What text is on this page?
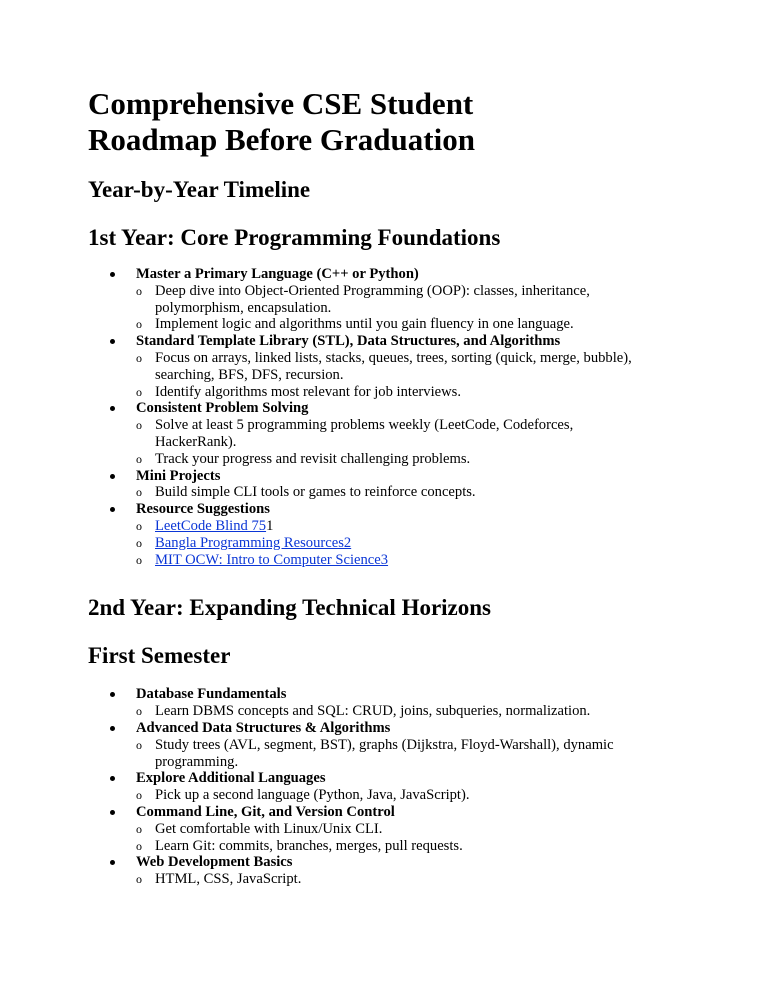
Comprehensive CSE Student Roadmap Before Graduation
Year-by-Year Timeline
1st Year: Core Programming Foundations
Master a Primary Language (C++ or Python)
o Deep dive into Object-Oriented Programming (OOP): classes, inheritance, polymorphism, encapsulation.
o Implement logic and algorithms until you gain fluency in one language.
Standard Template Library (STL), Data Structures, and Algorithms
o Focus on arrays, linked lists, stacks, queues, trees, sorting (quick, merge, bubble), searching, BFS, DFS, recursion.
o Identify algorithms most relevant for job interviews.
Consistent Problem Solving
o Solve at least 5 programming problems weekly (LeetCode, Codeforces, HackerRank).
o Track your progress and revisit challenging problems.
Mini Projects
o Build simple CLI tools or games to reinforce concepts.
Resource Suggestions
o LeetCode Blind 751
o Bangla Programming Resources2
o MIT OCW: Intro to Computer Science3
2nd Year: Expanding Technical Horizons
First Semester
Database Fundamentals
o Learn DBMS concepts and SQL: CRUD, joins, subqueries, normalization.
Advanced Data Structures & Algorithms
o Study trees (AVL, segment, BST), graphs (Dijkstra, Floyd-Warshall), dynamic programming.
Explore Additional Languages
o Pick up a second language (Python, Java, JavaScript).
Command Line, Git, and Version Control
o Get comfortable with Linux/Unix CLI.
o Learn Git: commits, branches, merges, pull requests.
Web Development Basics
o HTML, CSS, JavaScript.
